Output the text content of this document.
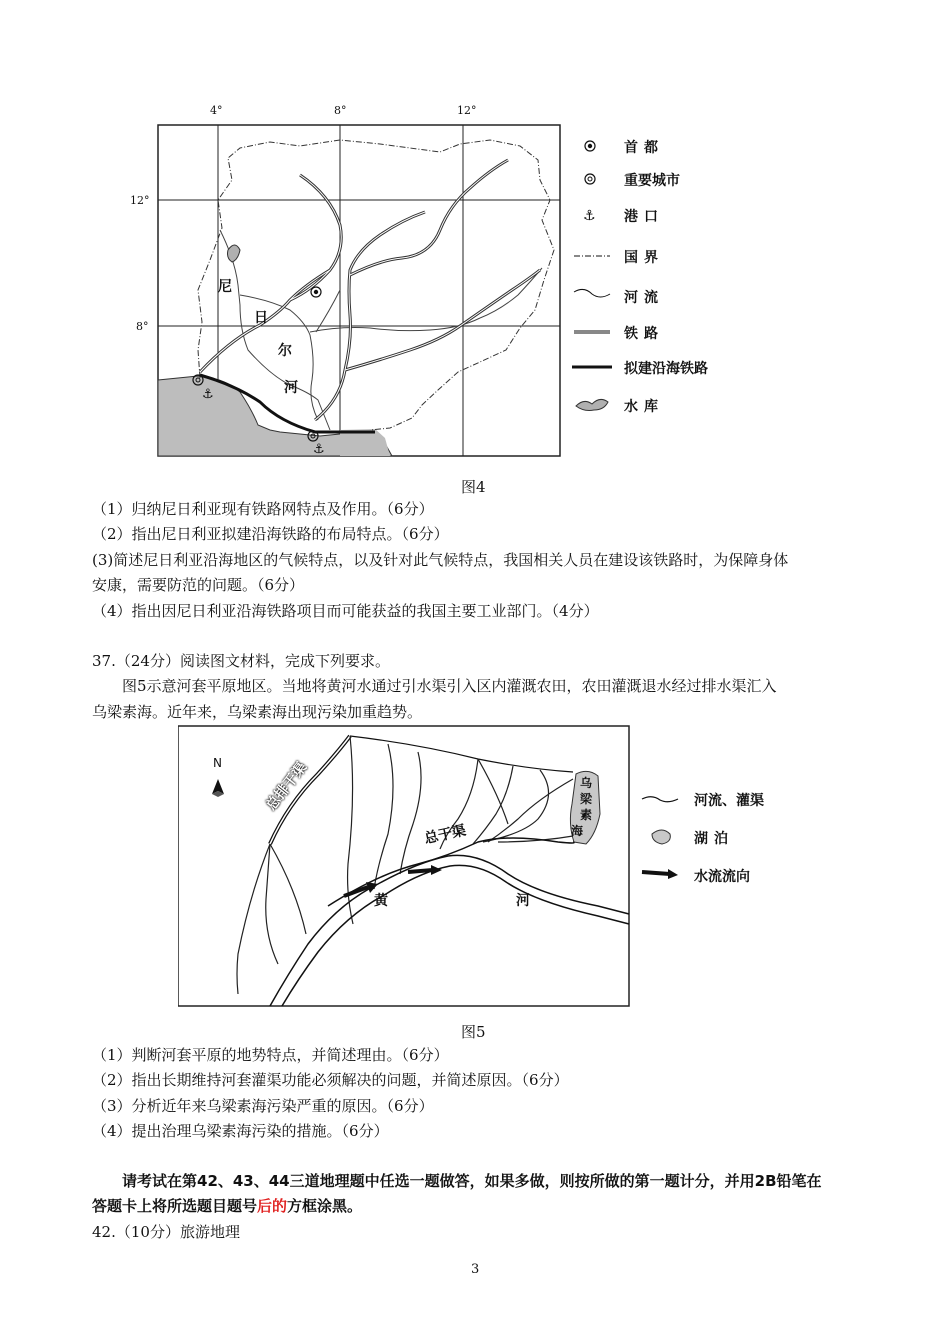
⚓
⚓
4°	8°	12°
12°
8°
尼
日
尔
河
⚓
首都
重要城市
港口
国界
河流
铁路
拟建沿海铁路
水库
图4
（1）归纳尼日利亚现有铁路网特点及作用。（6分）
（2）指出尼日利亚拟建沿海铁路的布局特点。（6分）
(3)简述尼日利亚沿海地区的气候特点，以及针对此气候特点，我国相关人员在建设该铁路时，为保障身体
安康，需要防范的问题。（6分）
（4）指出因尼日利亚沿海铁路项目而可能获益的我国主要工业部门。（4分）
37.（24分）阅读图文材料，完成下列要求。
图5示意河套平原地区。当地将黄河水通过引水渠引入区内灌溉农田，农田灌溉退水经过排水渠汇入
乌梁素海。近年来，乌梁素海出现污染加重趋势。
N	总排干渠
总干渠
乌
梁
素
海
黄	河
河流、灌渠
湖泊
水流流向
图5
（1）判断河套平原的地势特点，并简述理由。（6分）
（2）指出长期维持河套灌渠功能必须解决的问题，并简述原因。（6分）
（3）分析近年来乌梁素海污染严重的原因。（6分）
（4）提出治理乌梁素海污染的措施。（6分）
请考试在第42、43、44三道地理题中任选一题做答，如果多做，则按所做的第一题计分，并用2B铅笔在
答题卡上将所选题目题号后的方框涂黑。
42.（10分）旅游地理
3
